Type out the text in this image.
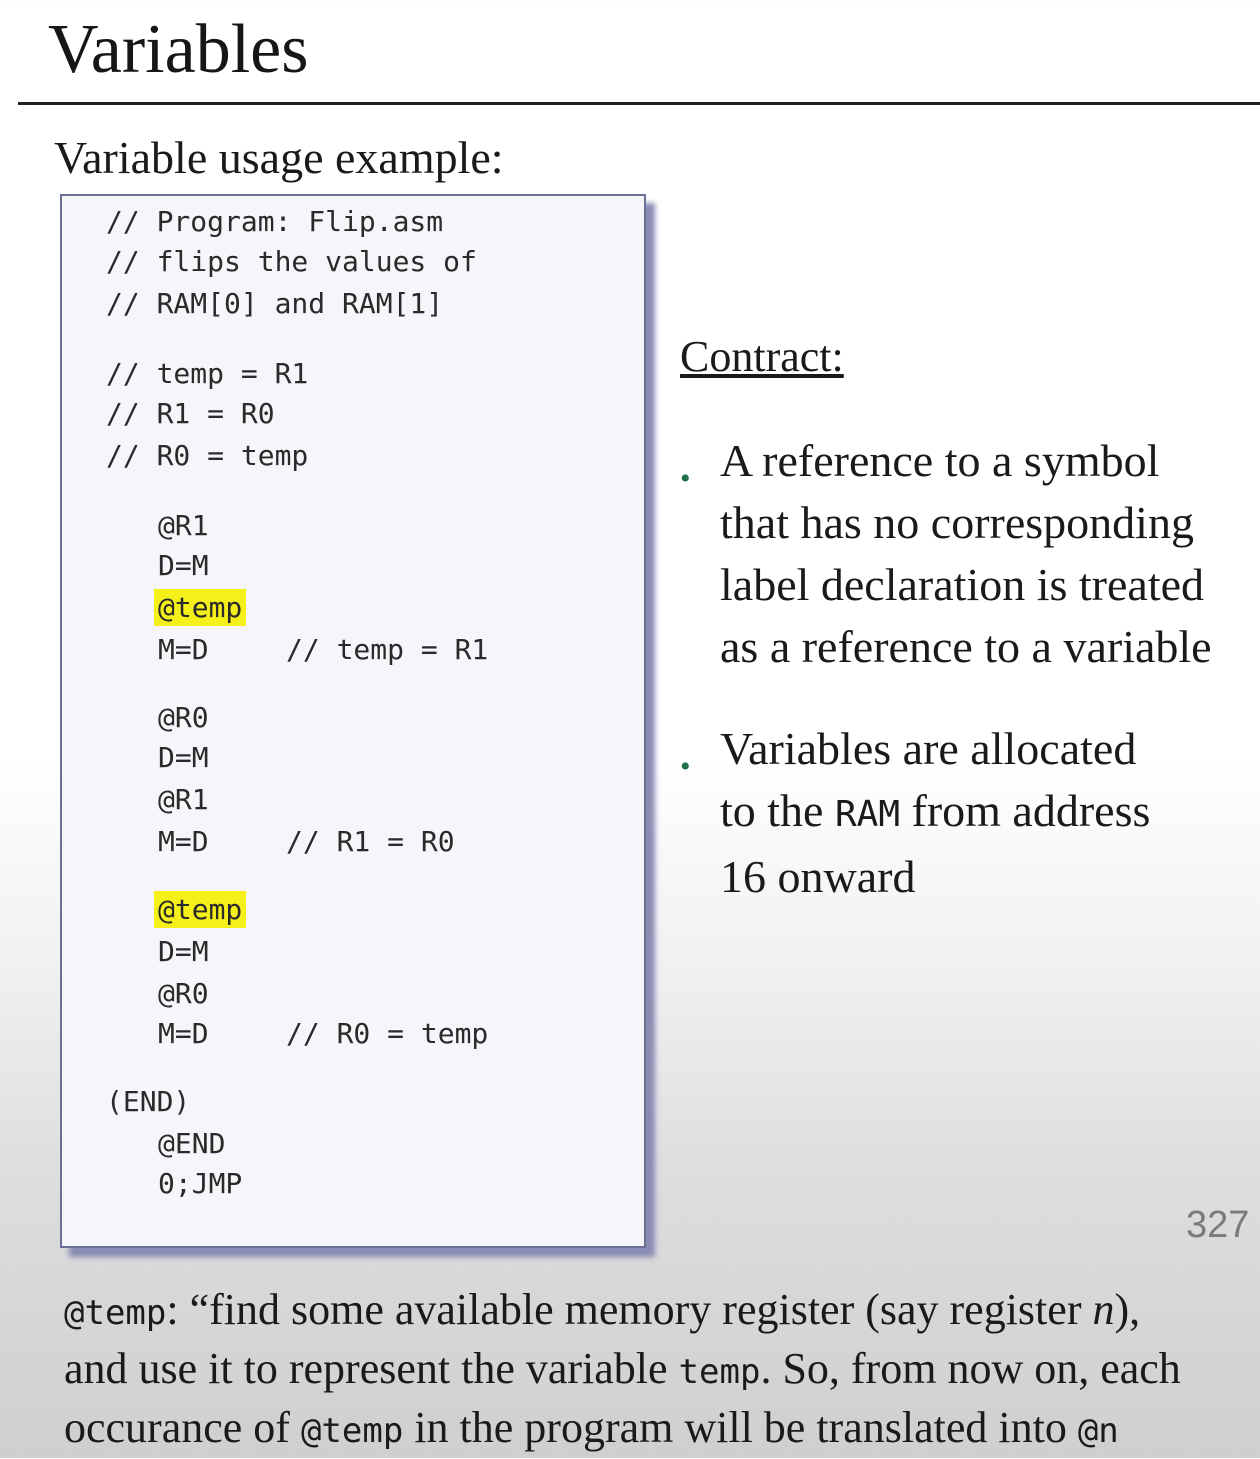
Variables
Variable usage example:
// Program: Flip.asm
// flips the values of
// RAM[0] and RAM[1]
// temp = R1
// R1 = R0
// R0 = temp
@R1
D=M
@temp
M=D	// temp = R1
@R0
D=M
@R1
M=D	// R1 = R0
@temp
D=M
@R0
M=D	// R0 = temp
(END)
@END
0;JMP
Contract:
• A reference to a symbol
that has no corresponding
label declaration is treated
as a reference to a variable
• Variables are allocated
to the RAM from address
16 onward
327
@temp: “find some available memory register (say register n),
and use it to represent the variable temp. So, from now on, each
occurance of @temp in the program will be translated into @n
